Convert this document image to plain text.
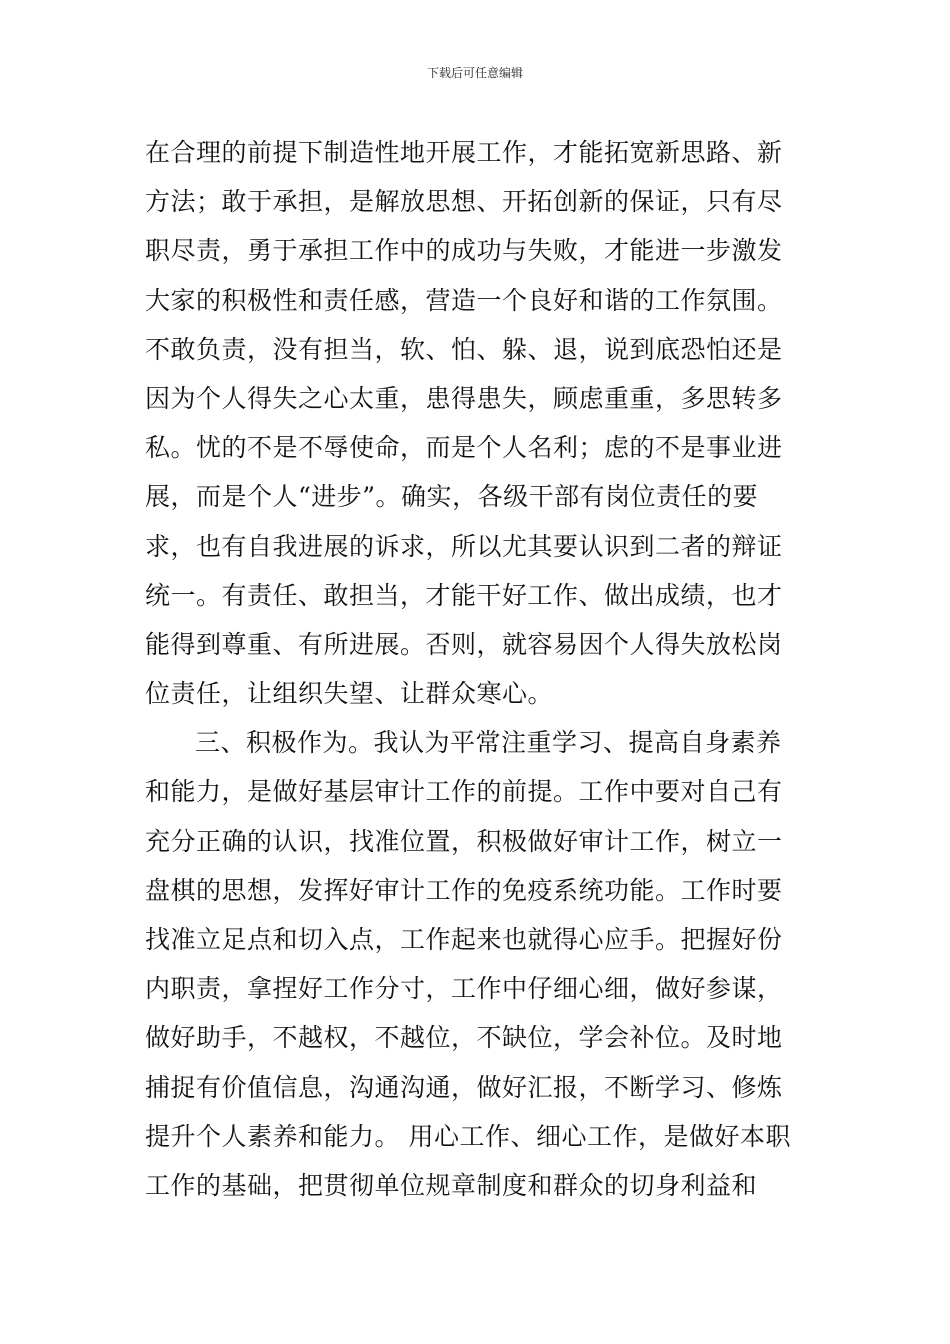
下载后可任意编辑
在合理的前提下制造性地开展工作，才能拓宽新思路、新
方法；敢于承担，是解放思想、开拓创新的保证，只有尽
职尽责，勇于承担工作中的成功与失败，才能进一步激发
大家的积极性和责任感，营造一个良好和谐的工作氛围。
不敢负责，没有担当，软、怕、躲、退，说到底恐怕还是
因为个人得失之心太重，患得患失，顾虑重重，多思转多
私。忧的不是不辱使命，而是个人名利；虑的不是事业进
展，而是个人“进步”。确实，各级干部有岗位责任的要
求，也有自我进展的诉求，所以尤其要认识到二者的辩证
统一。有责任、敢担当，才能干好工作、做出成绩，也才
能得到尊重、有所进展。否则，就容易因个人得失放松岗
位责任，让组织失望、让群众寒心。
三、积极作为。我认为平常注重学习、提高自身素养
和能力，是做好基层审计工作的前提。工作中要对自己有
充分正确的认识，找准位置，积极做好审计工作，树立一
盘棋的思想，发挥好审计工作的免疫系统功能。工作时要
找准立足点和切入点，工作起来也就得心应手。把握好份
内职责，拿捏好工作分寸，工作中仔细心细，做好参谋，
做好助手，不越权，不越位，不缺位，学会补位。及时地
捕捉有价值信息，沟通沟通，做好汇报，不断学习、修炼
提升个人素养和能力。 用心工作、细心工作，是做好本职
工作的基础，把贯彻单位规章制度和群众的切身利益和
